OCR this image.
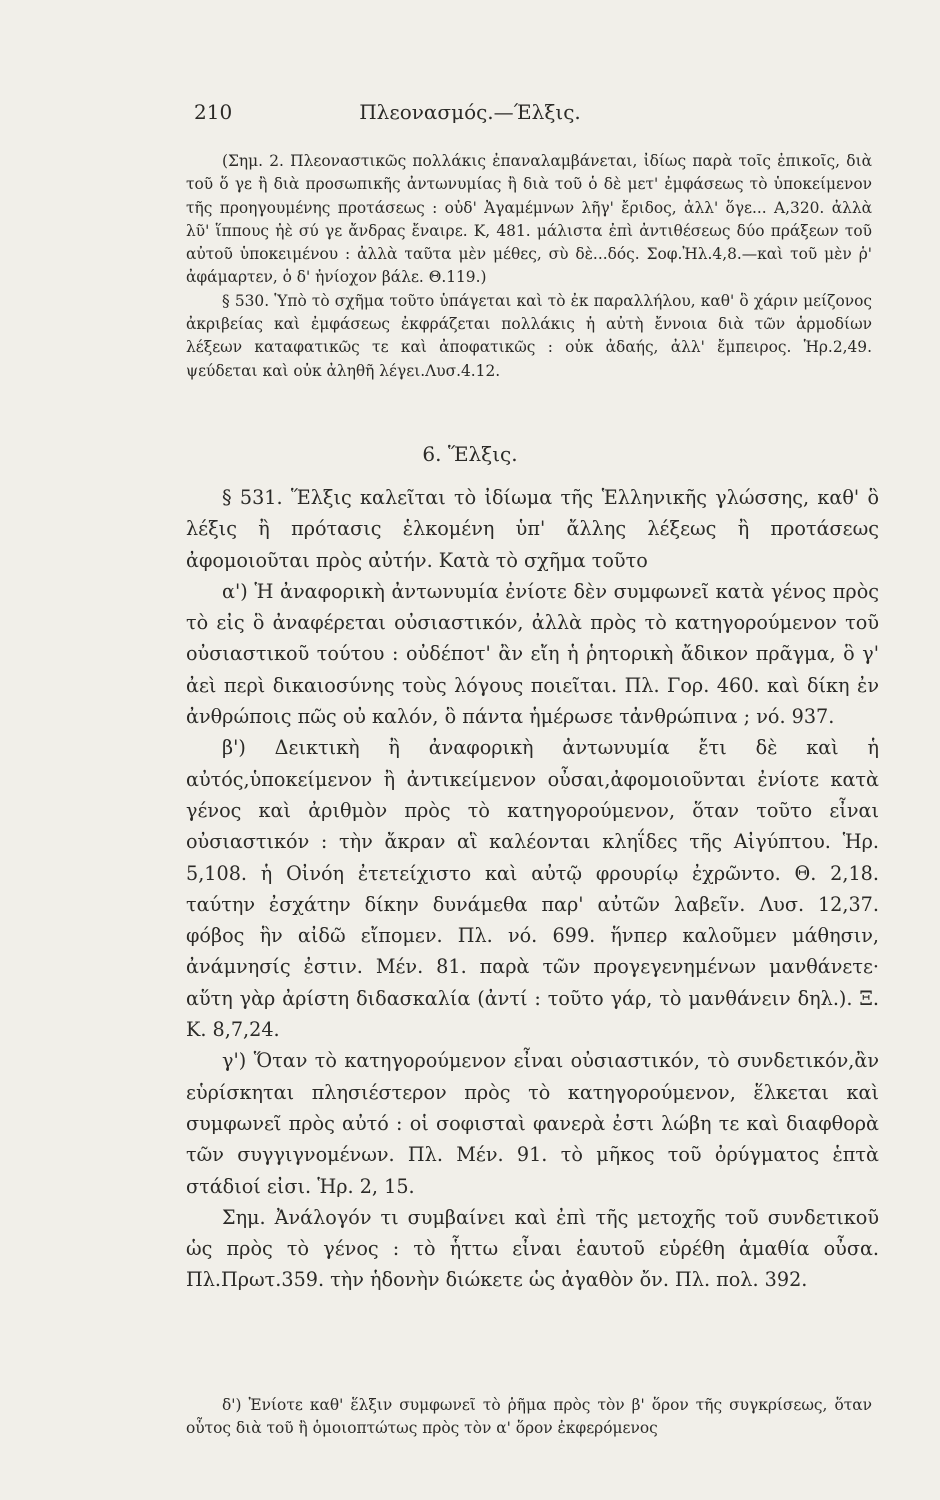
210	Πλεονασμός.—Έλξις.

(Σημ. 2. Πλεοναστικῶς πολλάκις ἐπαναλαμβάνεται, ἰδίως παρὰ τοῖς ἐπικοῖς, διὰ τοῦ ὅ γε ἢ διὰ προσωπικῆς ἀντωνυμίας ἢ διὰ τοῦ ὁ δὲ μετ' ἐμφάσεως τὸ ὑποκείμενον τῆς προηγουμένης προτάσεως : οὐδ' Ἀγαμέμνων λῆγ' ἔριδος, ἀλλ' ὅγε... Α,320. ἀλλὰ λῦ' ἵππους ἠὲ σύ γε ἄνδρας ἔναιρε. Κ, 481. μάλιστα ἐπὶ ἀντιθέσεως δύο πράξεων τοῦ αὐτοῦ ὑποκειμένου : ἀλλὰ ταῦτα μὲν μέθες, σὺ δὲ...δός. Σοφ.Ἠλ.4,8.—καὶ τοῦ μὲν ῥ' ἀφάμαρτεν, ὁ δ' ἡνίοχον βάλε. Θ.119.)

§ 530. Ὑπὸ τὸ σχῆμα τοῦτο ὑπάγεται καὶ τὸ ἐκ παραλλήλου, καθ' ὃ χάριν μείζονος ἀκριβείας καὶ ἐμφάσεως ἐκφράζεται πολλάκις ἡ αὐτὴ ἔννοια διὰ τῶν ἁρμοδίων λέξεων καταφατικῶς τε καὶ ἀποφατικῶς : οὐκ ἀδαής, ἀλλ' ἔμπειρος. Ἡρ.2,49. ψεύδεται καὶ οὐκ ἀληθῆ λέγει.Λυσ.4.12.

6. Ἕλξις.

§ 531. Ἕλξις καλεῖται τὸ ἰδίωμα τῆς Ἑλληνικῆς γλώσσης, καθ' ὃ λέξις ἢ πρότασις ἑλκομένη ὑπ' ἄλλης λέξεως ἢ προτάσεως ἀφομοιοῦται πρὸς αὐτήν. Κατὰ τὸ σχῆμα τοῦτο

α') Ἡ ἀναφορικὴ ἀντωνυμία ἐνίοτε δὲν συμφωνεῖ κατὰ γένος πρὸς τὸ εἰς ὃ ἀναφέρεται οὐσιαστικόν, ἀλλὰ πρὸς τὸ κατηγορούμενον τοῦ οὐσιαστικοῦ τούτου : οὐδέποτ' ἂν εἴη ἡ ῥητορικὴ ἄδικον πρᾶγμα, ὃ γ' ἀεὶ περὶ δικαιοσύνης τοὺς λόγους ποιεῖται. Πλ. Γορ. 460. καὶ δίκη ἐν ἀνθρώποις πῶς οὐ καλόν, ὃ πάντα ἡμέρωσε τἀνθρώπινα ; νό. 937.

β') Δεικτικὴ ἢ ἀναφορικὴ ἀντωνυμία ἔτι δὲ καὶ ἡ αὐτός,ὑποκείμενον ἢ ἀντικείμενον οὖσαι,ἀφομοιοῦνται ἐνίοτε κατὰ γένος καὶ ἀριθμὸν πρὸς τὸ κατηγορούμενον, ὅταν τοῦτο εἶναι οὐσιαστικόν : τὴν ἄκραν αἳ καλέονται κληΐδες τῆς Αἰγύπτου. Ἡρ. 5,108. ἡ Οἰνόη ἐτετείχιστο καὶ αὐτῷ φρουρίῳ ἐχρῶντο. Θ. 2,18. ταύτην ἐσχάτην δίκην δυνάμεθα παρ' αὐτῶν λαβεῖν. Λυσ. 12,37. φόβος ἣν αἰδῶ εἴπομεν. Πλ. νό. 699. ἥνπερ καλοῦμεν μάθησιν, ἀνάμνησίς ἐστιν. Μέν. 81. παρὰ τῶν προγεγενημένων μανθάνετε· αὕτη γὰρ ἀρίστη διδασκαλία (ἀντί : τοῦτο γάρ, τὸ μανθάνειν δηλ.). Ξ. Κ. 8,7,24.

γ') Ὅταν τὸ κατηγορούμενον εἶναι οὐσιαστικόν, τὸ συνδετικόν,ἂν εὑρίσκηται πλησιέστερον πρὸς τὸ κατηγορούμενον, ἕλκεται καὶ συμφωνεῖ πρὸς αὐτό : οἱ σοφισταὶ φανερὰ ἐστι λώβη τε καὶ διαφθορὰ τῶν συγγιγνομένων. Πλ. Μέν. 91. τὸ μῆκος τοῦ ὀρύγματος ἑπτὰ στάδιοί εἰσι. Ἡρ. 2, 15.

Σημ. Ἀνάλογόν τι συμβαίνει καὶ ἐπὶ τῆς μετοχῆς τοῦ συνδετικοῦ ὡς πρὸς τὸ γένος : τὸ ἧττω εἶναι ἑαυτοῦ εὑρέθη ἀμαθία οὖσα. Πλ.Πρωτ.359. τὴν ἡδονὴν διώκετε ὡς ἀγαθὸν ὄν. Πλ. πολ. 392.

δ') Ἐνίοτε καθ' ἕλξιν συμφωνεῖ τὸ ῥῆμα πρὸς τὸν β' ὅρον τῆς συγκρίσεως, ὅταν οὗτος διὰ τοῦ ἢ ὁμοιοπτώτως πρὸς τὸν α' ὅρον ἐκφερόμενος
